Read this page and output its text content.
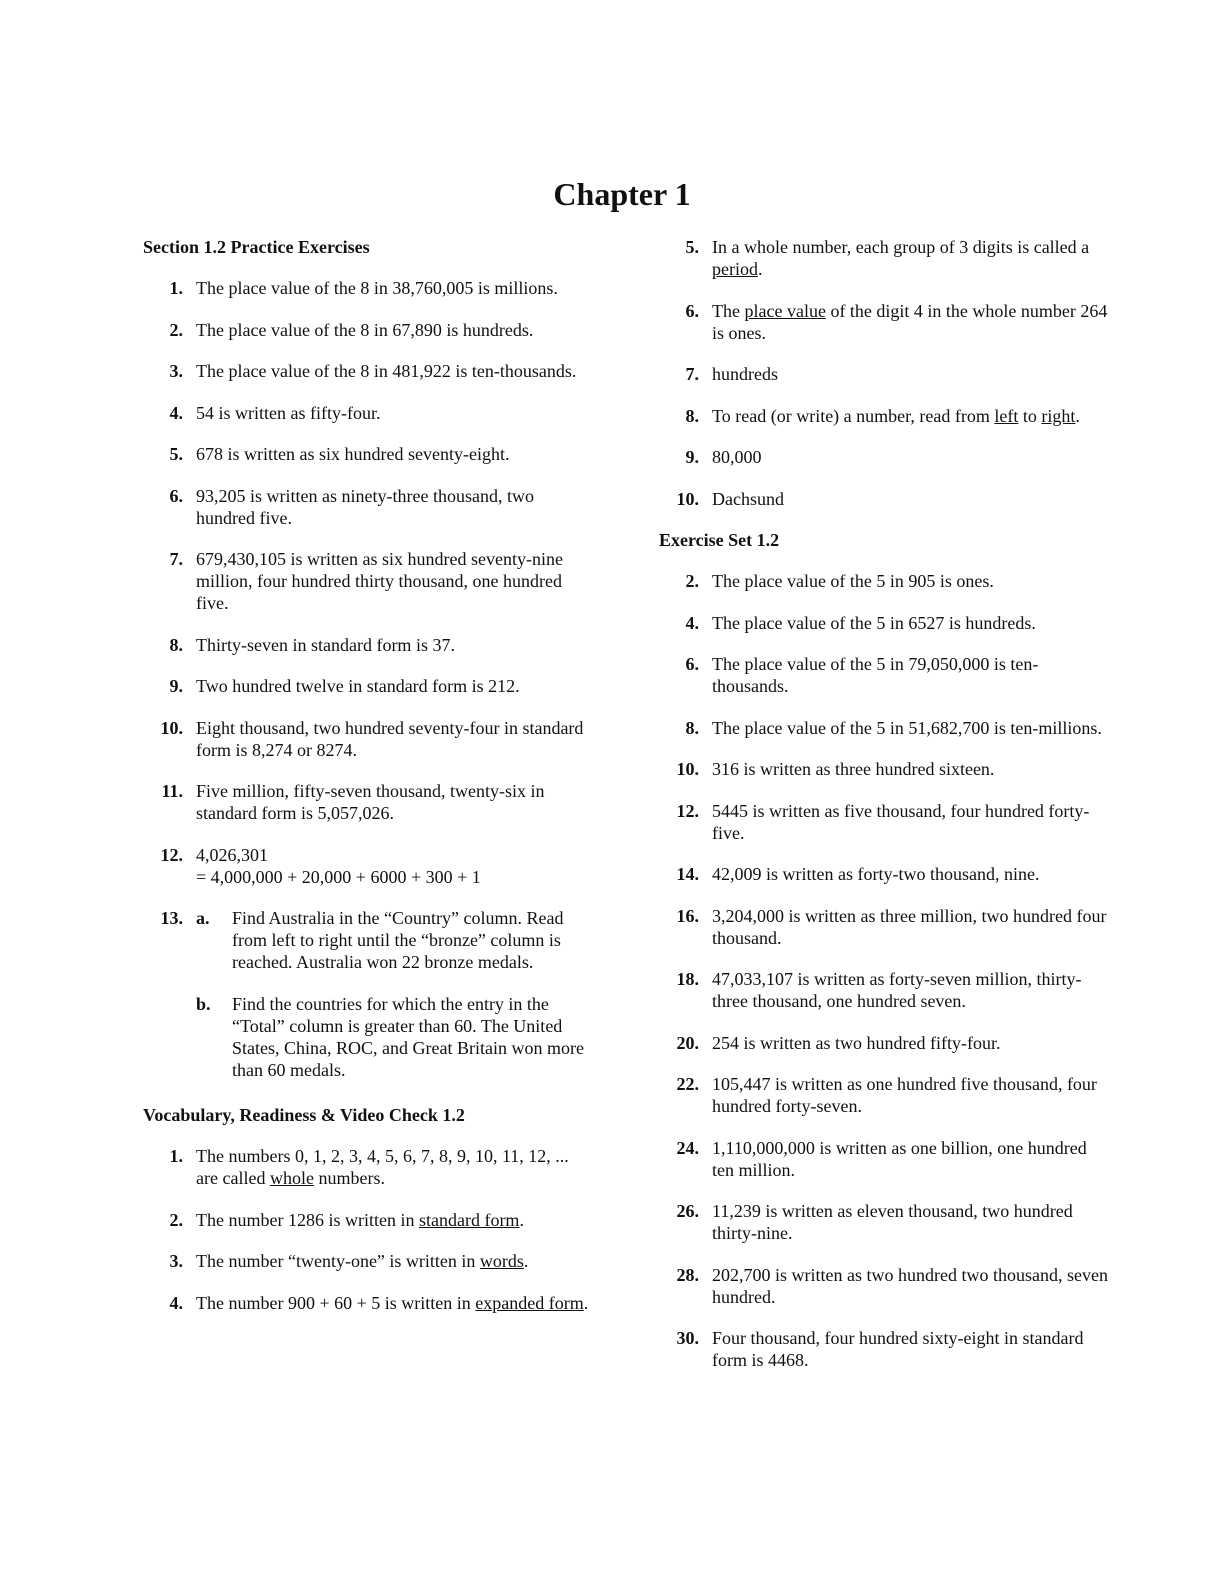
Chapter 1
Section 1.2 Practice Exercises
1. The place value of the 8 in 38,760,005 is millions.
2. The place value of the 8 in 67,890 is hundreds.
3. The place value of the 8 in 481,922 is ten-thousands.
4. 54 is written as fifty-four.
5. 678 is written as six hundred seventy-eight.
6. 93,205 is written as ninety-three thousand, two hundred five.
7. 679,430,105 is written as six hundred seventy-nine million, four hundred thirty thousand, one hundred five.
8. Thirty-seven in standard form is 37.
9. Two hundred twelve in standard form is 212.
10. Eight thousand, two hundred seventy-four in standard form is 8,274 or 8274.
11. Five million, fifty-seven thousand, twenty-six in standard form is 5,057,026.
12. 4,026,301
= 4,000,000 + 20,000 + 6000 + 300 + 1
13. a.	Find Australia in the “Country” column. Read from left to right until the “bronze” column is reached. Australia won 22 bronze medals.
b.	Find the countries for which the entry in the “Total” column is greater than 60. The United States, China, ROC, and Great Britain won more than 60 medals.
Vocabulary, Readiness & Video Check 1.2
1. The numbers 0, 1, 2, 3, 4, 5, 6, 7, 8, 9, 10, 11, 12, ... are called whole numbers.
2. The number 1286 is written in standard form.
3. The number “twenty-one” is written in words.
4. The number 900 + 60 + 5 is written in expanded form.
5. In a whole number, each group of 3 digits is called a period.
6. The place value of the digit 4 in the whole number 264 is ones.
7. hundreds
8. To read (or write) a number, read from left to right.
9. 80,000
10. Dachsund
Exercise Set 1.2
2. The place value of the 5 in 905 is ones.
4. The place value of the 5 in 6527 is hundreds.
6. The place value of the 5 in 79,050,000 is ten-thousands.
8. The place value of the 5 in 51,682,700 is ten-millions.
10. 316 is written as three hundred sixteen.
12. 5445 is written as five thousand, four hundred forty-five.
14. 42,009 is written as forty-two thousand, nine.
16. 3,204,000 is written as three million, two hundred four thousand.
18. 47,033,107 is written as forty-seven million, thirty-three thousand, one hundred seven.
20. 254 is written as two hundred fifty-four.
22. 105,447 is written as one hundred five thousand, four hundred forty-seven.
24. 1,110,000,000 is written as one billion, one hundred ten million.
26. 11,239 is written as eleven thousand, two hundred thirty-nine.
28. 202,700 is written as two hundred two thousand, seven hundred.
30. Four thousand, four hundred sixty-eight in standard form is 4468.
